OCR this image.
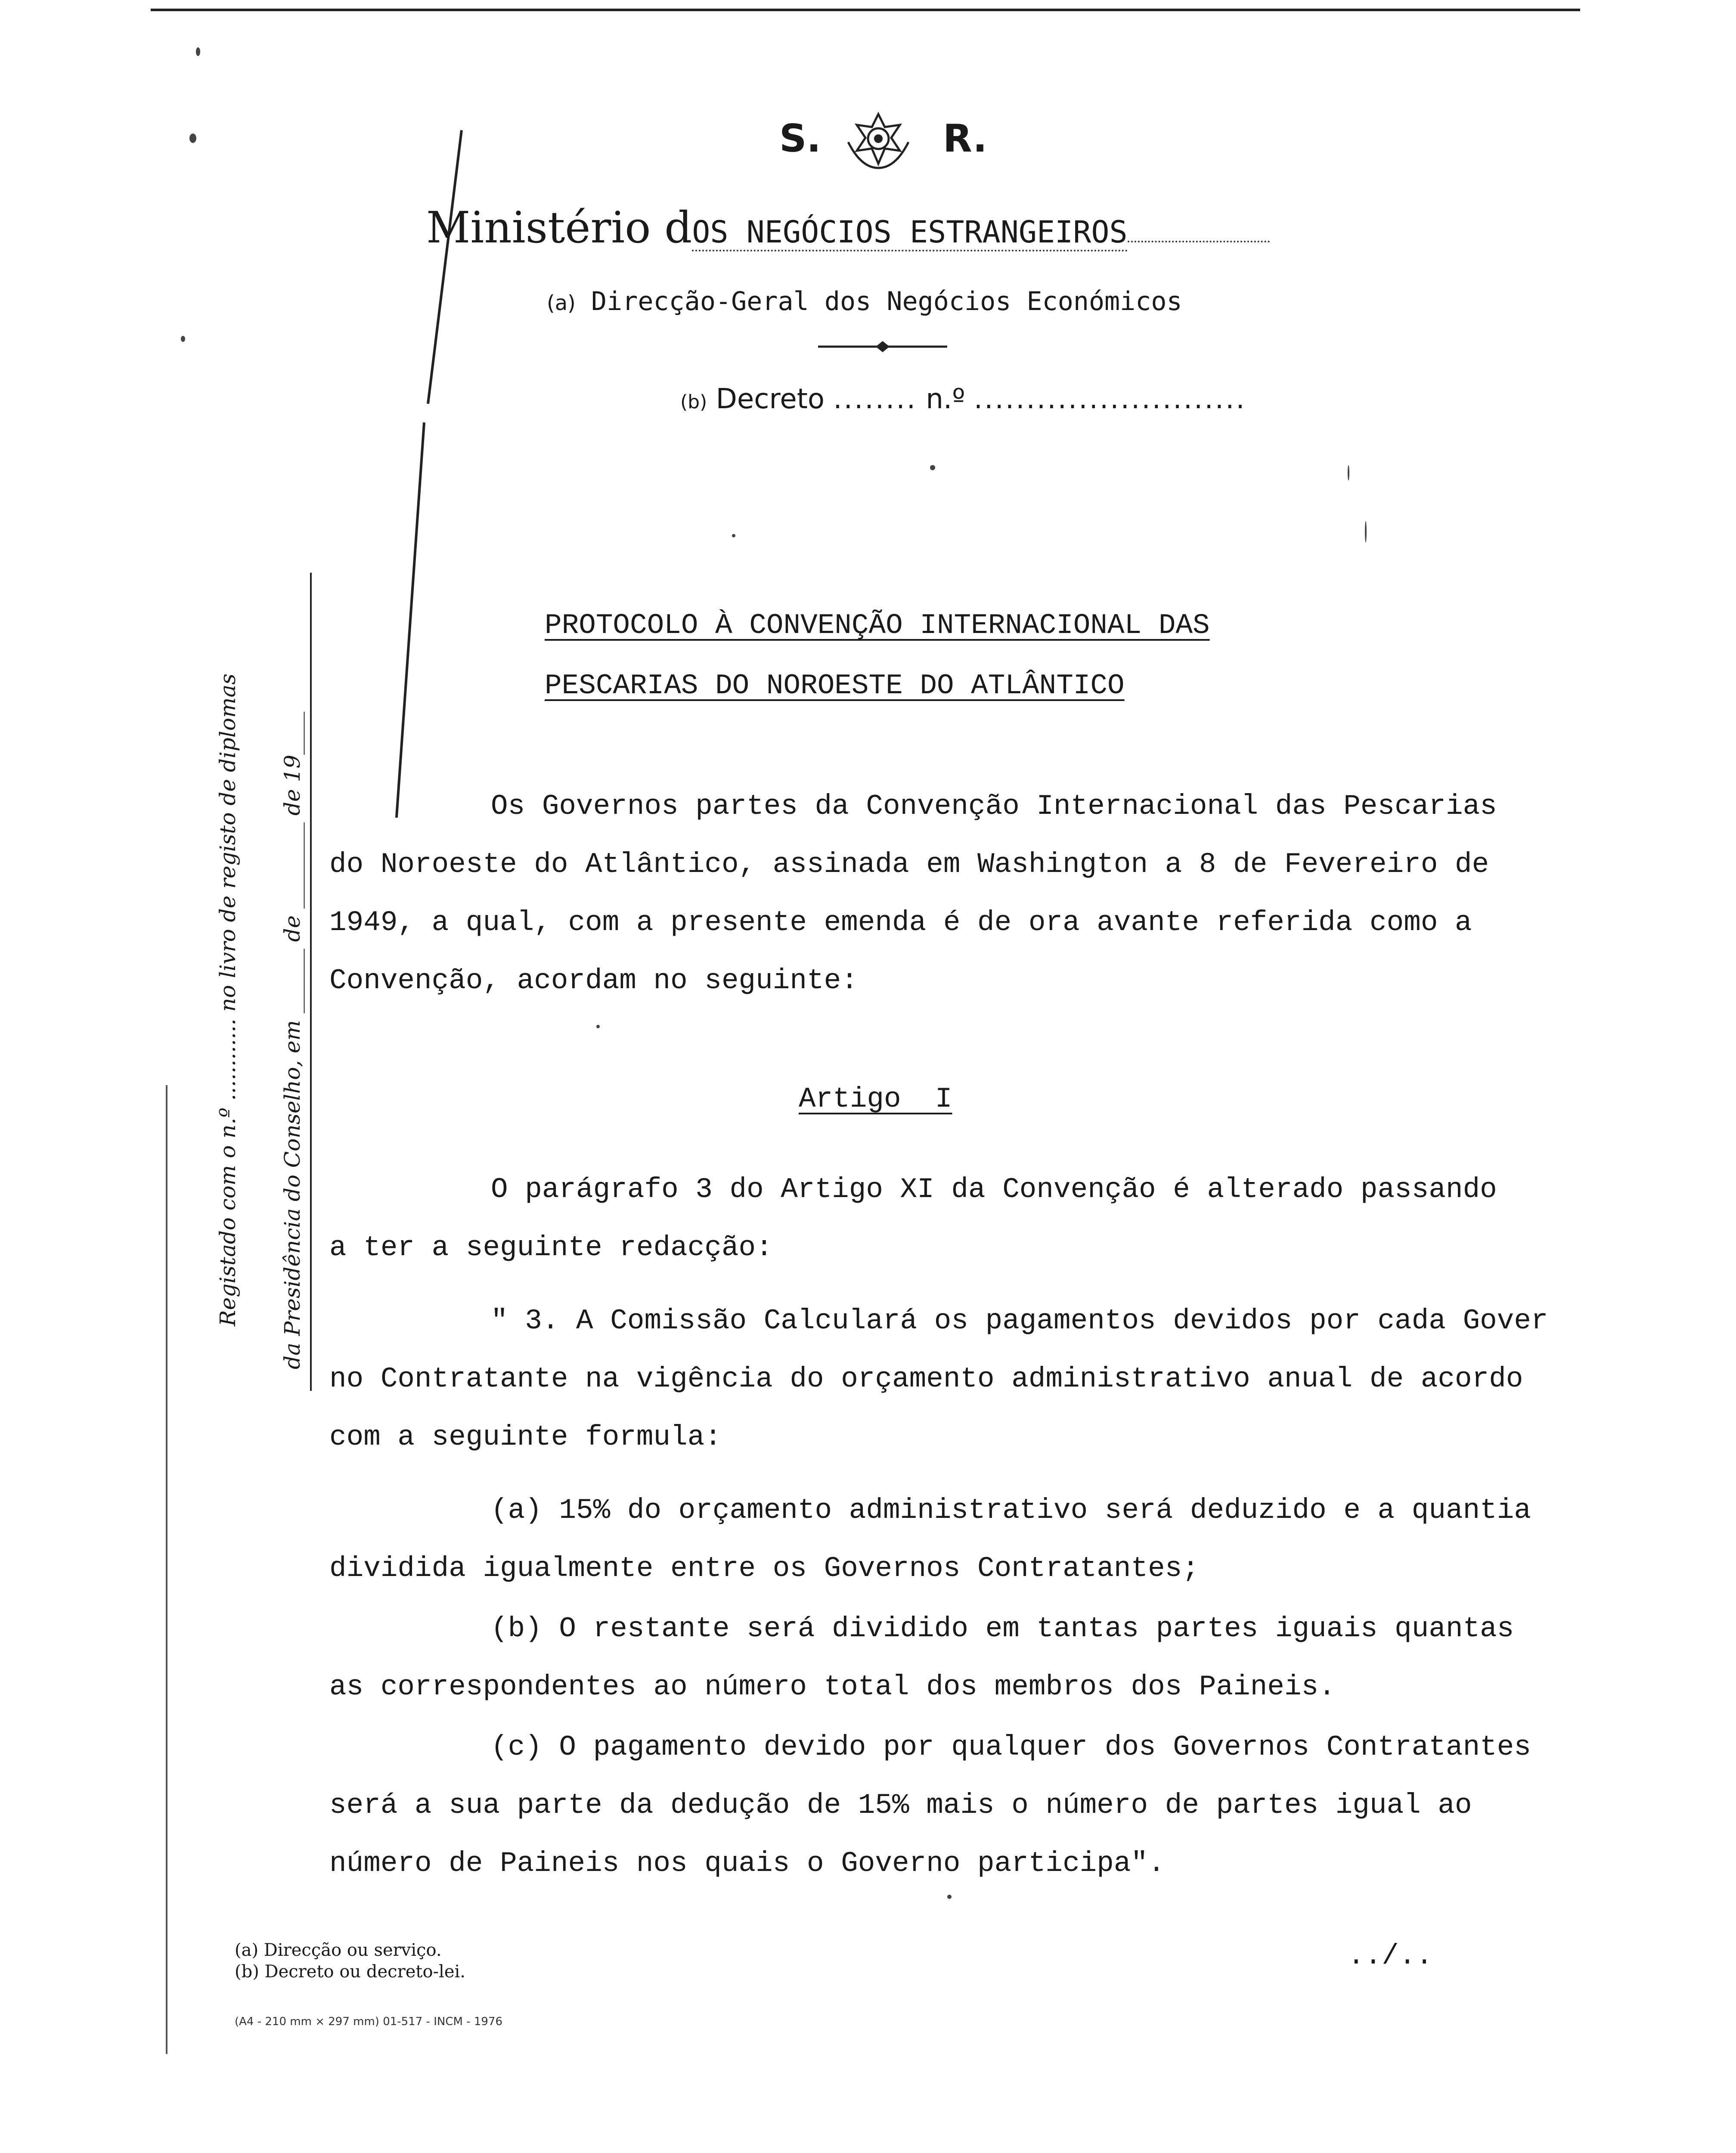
S.	R.
Ministério dOS NEGÓCIOS ESTRANGEIROS
(a) Direcção-Geral dos Negócios Económicos
(b) Decreto ........ n.º ..........................
Registado com o n.º ............ no livro de registo de diplomas da Presidência do Conselho, em ______ de ________ de 19____
PROTOCOLO À CONVENÇÃO INTERNACIONAL DAS
PESCARIAS DO NOROESTE DO ATLÂNTICO
Os Governos partes da Convenção Internacional das Pescarias
do Noroeste do Atlântico, assinada em Washington a 8 de Fevereiro de
1949, a qual, com a presente emenda é de ora avante referida como a
Convenção, acordam no seguinte:
Artigo  I
O parágrafo 3 do Artigo XI da Convenção é alterado passando
a ter a seguinte redacção:
" 3. A Comissão Calculará os pagamentos devidos por cada Gover
no Contratante na vigência do orçamento administrativo anual de acordo
com a seguinte formula:
(a) 15% do orçamento administrativo será deduzido e a quantia
dividida igualmente entre os Governos Contratantes;
(b) O restante será dividido em tantas partes iguais quantas
as correspondentes ao número total dos membros dos Paineis.
(c) O pagamento devido por qualquer dos Governos Contratantes
será a sua parte da dedução de 15% mais o número de partes igual ao
número de Paineis nos quais o Governo participa".
../..
(a) Direcção ou serviço.
(b) Decreto ou decreto-lei.
(A4 - 210 mm × 297 mm) 01-517 - INCM - 1976
